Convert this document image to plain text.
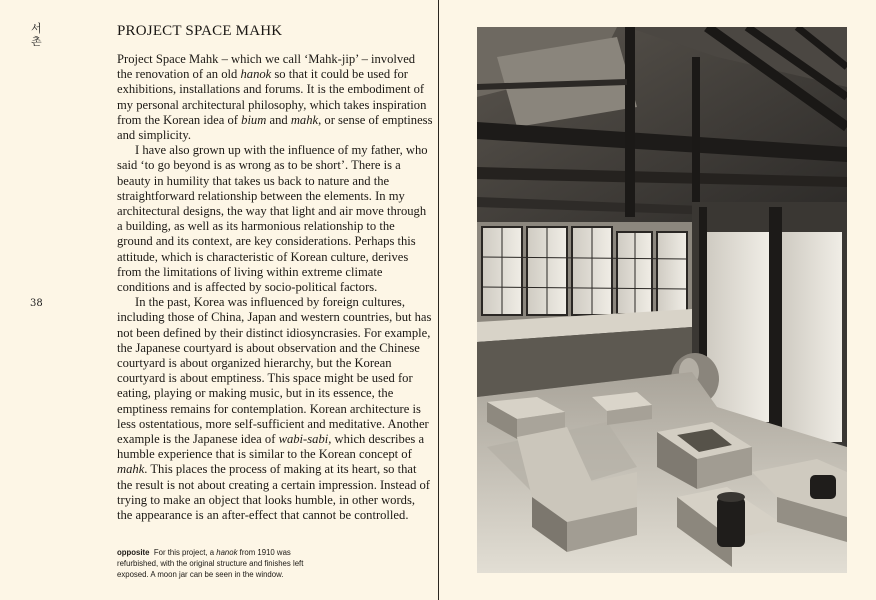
서촌
38
PROJECT SPACE MAHK

Project Space Mahk – which we call ‘Mahk-jip’ – involved the renovation of an old hanok so that it could be used for exhibitions, installations and forums. It is the embodiment of my personal architectural philosophy, which takes inspiration from the Korean idea of bium and mahk, or sense of emptiness and simplicity.

I have also grown up with the influence of my father, who said ‘to go beyond is as wrong as to be short’. There is a beauty in humility that takes us back to nature and the straightforward relationship between the elements. In my architectural designs, the way that light and air move through a building, as well as its harmonious relationship to the ground and its context, are key considerations. Perhaps this attitude, which is characteristic of Korean culture, derives from the limitations of living within extreme climate conditions and is affected by socio-political factors.

In the past, Korea was influenced by foreign cultures, including those of China, Japan and western countries, but has not been defined by their distinct idiosyncrasies. For example, the Japanese courtyard is about observation and the Chinese courtyard is about organized hierarchy, but the Korean courtyard is about emptiness. This space might be used for eating, playing or making music, but in its essence, the emptiness remains for contemplation. Korean architecture is less ostentatious, more self-sufficient and meditative. Another example is the Japanese idea of wabi-sabi, which describes a humble experience that is similar to the Korean concept of mahk. This places the process of making at its heart, so that the result is not about creating a certain impression. Instead of trying to make an object that looks humble, in other words, the appearance is an after-effect that cannot be controlled.

opposite For this project, a hanok from 1910 was refurbished, with the original structure and finishes left exposed. A moon jar can be seen in the window.
